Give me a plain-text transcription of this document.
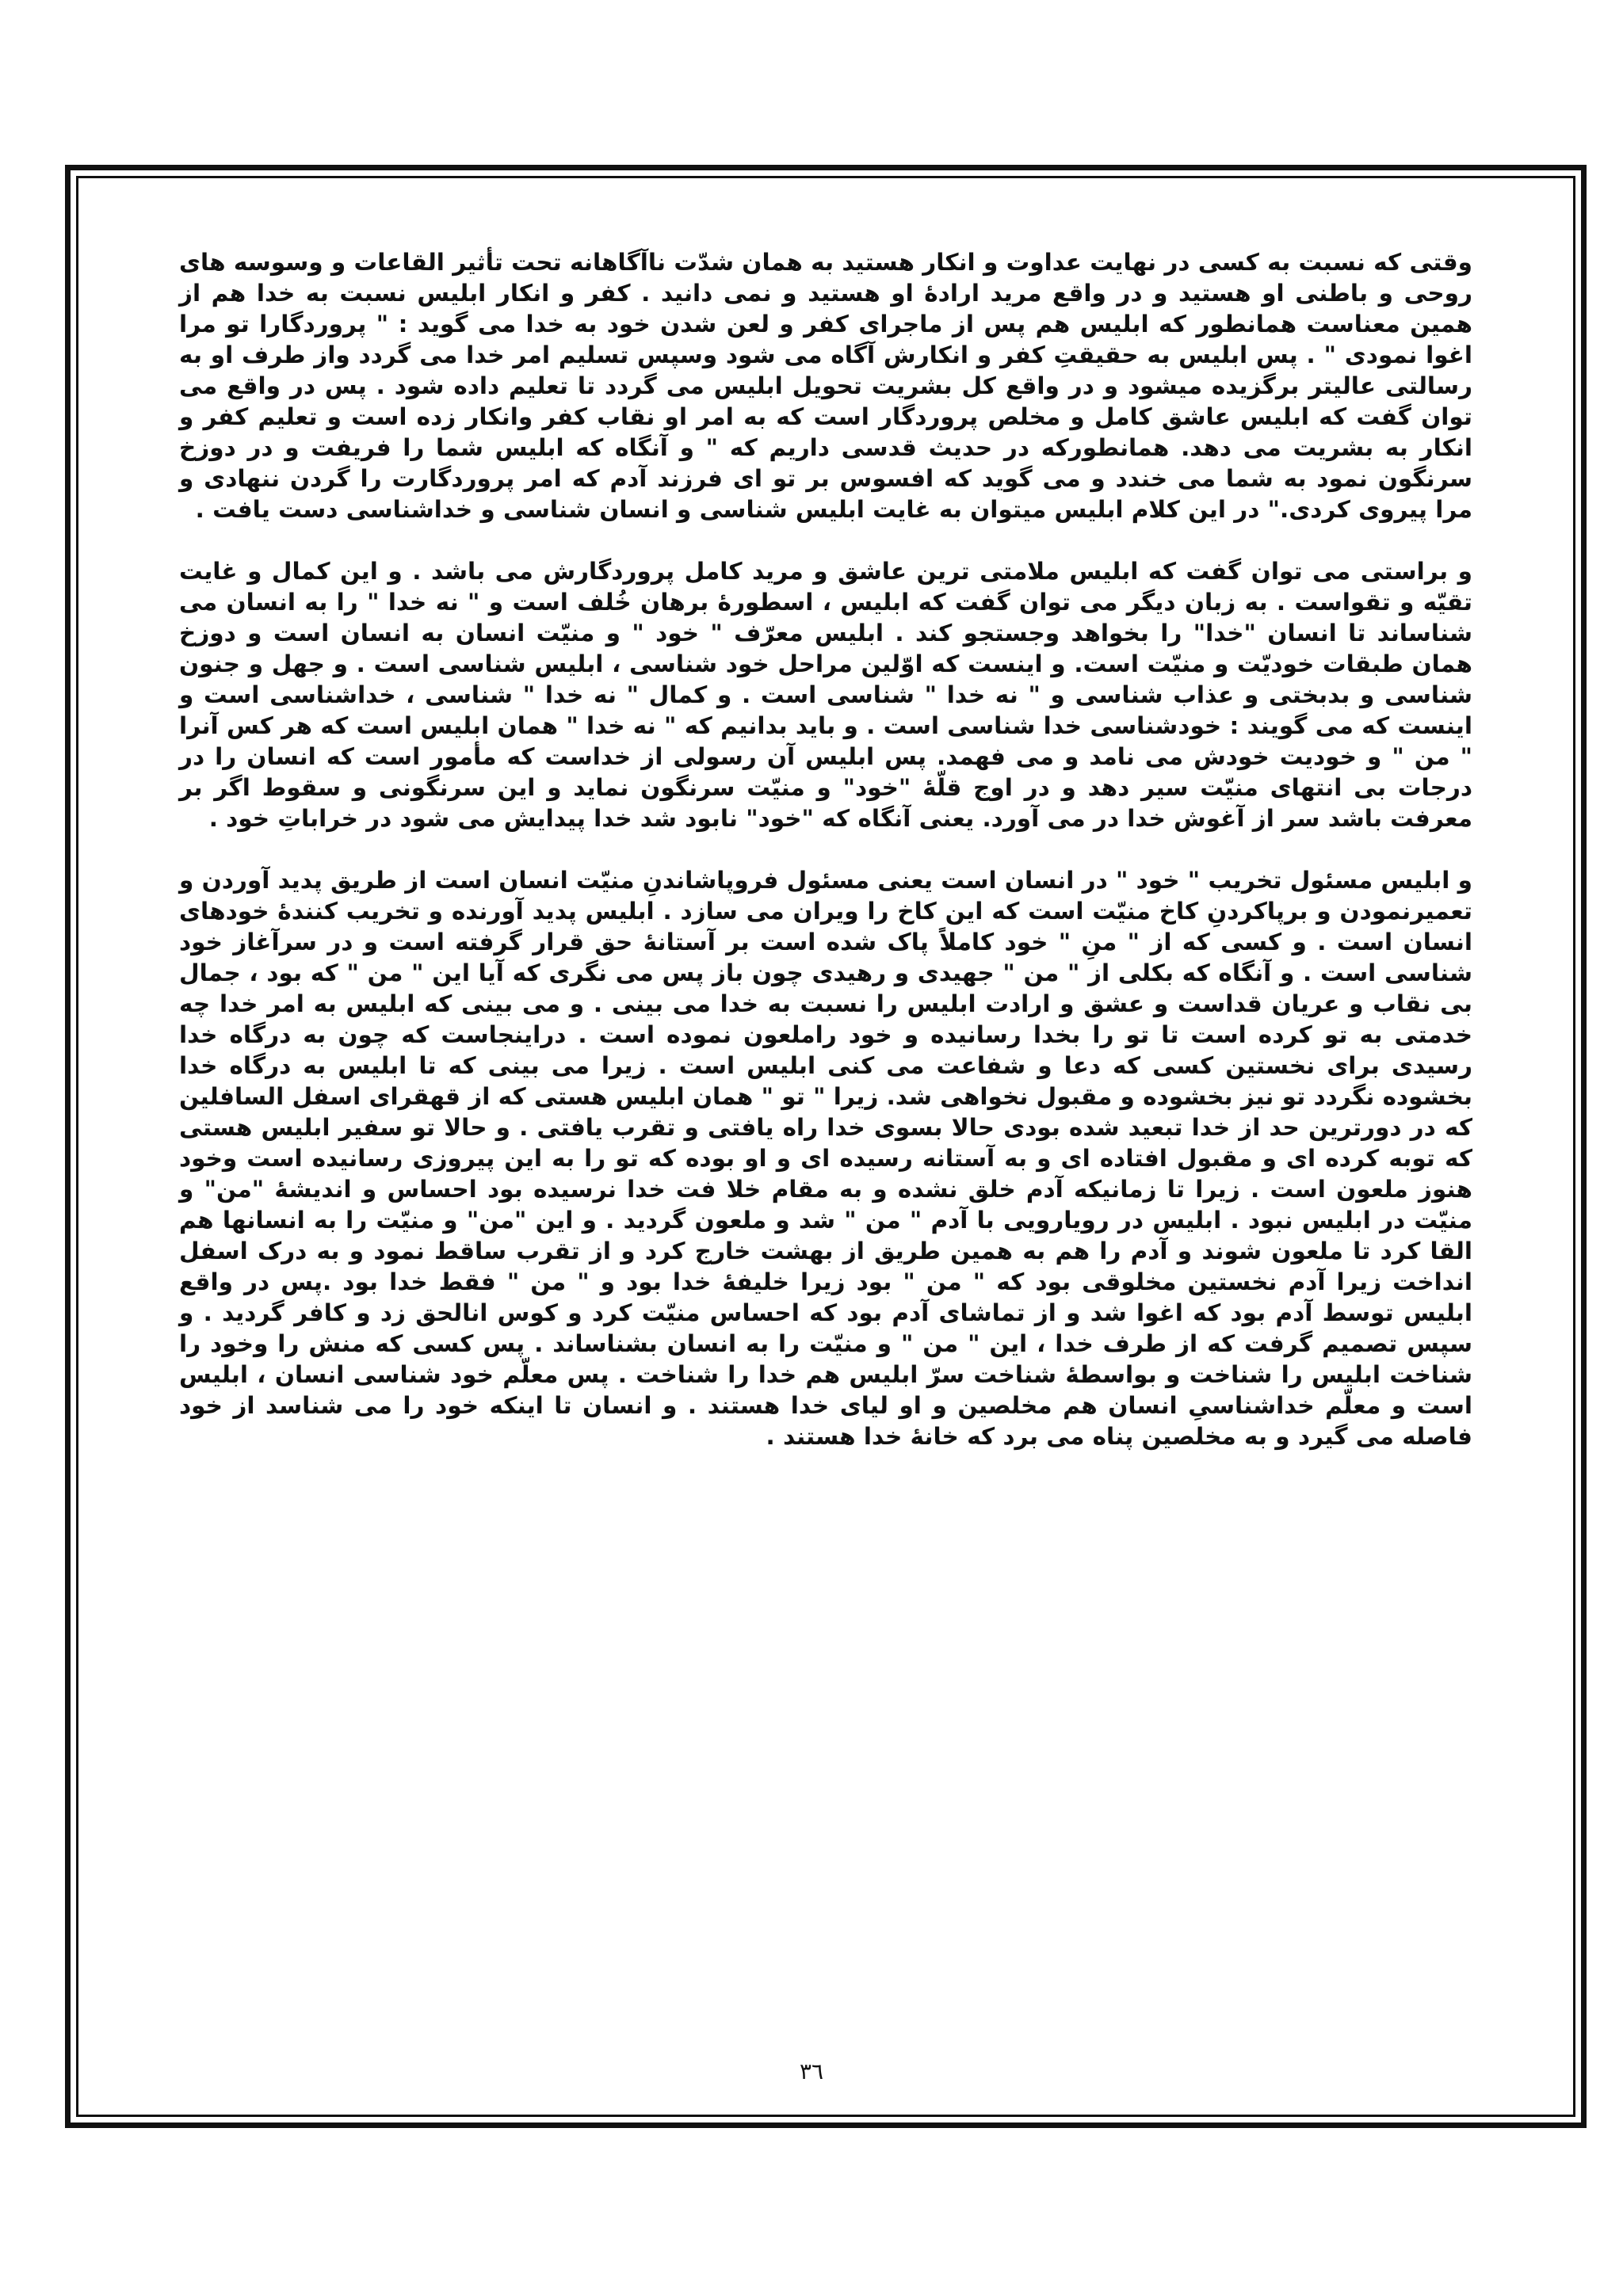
وقتی که نسبت به کسی در نهایت عداوت و انکار هستید به همان شدّت ناآگاهانه تحت تأثیر القاعات و وسوسه های روحی و باطنی او هستید و در واقع مرید ارادهٔ او هستید و نمی دانید . کفر و انکار ابلیس نسبت به خدا هم از همین معناست همانطور که ابلیس هم پس از ماجرای کفر و لعن شدن خود به خدا می گوید : " پروردگارا تو مرا اغوا نمودی " . پس ابلیس به حقیقتِ کفر و انکارش آگاه می شود وسپس تسلیم امر خدا می گردد واز طرف او به رسالتی عالیتر برگزیده میشود و در واقع کل بشریت تحویل ابلیس می گردد تا تعلیم داده شود . پس در واقع می توان گفت که ابلیس عاشق کامل و مخلص پروردگار است که به امر او نقاب کفر وانکار زده است و تعلیم کفر و انکار به بشریت می دهد. همانطورکه در حدیث قدسی داریم که " و آنگاه که ابلیس شما را فریفت و در دوزخ سرنگون نمود به شما می خندد و می گوید که افسوس بر تو ای فرزند آدم که امر پروردگارت را گردن ننهادی و مرا پیروی کردی." در این کلام ابلیس میتوان به غایت ابلیس شناسی و انسان شناسی و خداشناسی دست یافت .

و براستی می توان گفت که ابلیس ملامتی ترین عاشق و مرید کامل پروردگارش می باشد . و این کمال و غایت تقیّه و تقواست . به زبان دیگر می توان گفت که ابلیس ، اسطورهٔ برهان خُلف است و " نه خدا " را به انسان می شناساند تا انسان "خدا" را بخواهد وجستجو کند . ابلیس معرّف " خود " و منیّت انسان به انسان است و دوزخ همان طبقات خودیّت و منیّت است. و اینست که اوّلین مراحل خود شناسی ، ابلیس شناسی است . و جهل و جنون شناسی و بدبختی و عذاب شناسی و " نه خدا " شناسی است . و کمال " نه خدا " شناسی ، خداشناسی است و اینست که می گویند : خودشناسی خدا شناسی است . و باید بدانیم که " نه خدا " همان ابلیس است که هر کس آنرا " من " و خودیت خودش می نامد و می فهمد. پس ابلیس آن رسولی از خداست که مأمور است که انسان را در درجات بی انتهای منیّت سیر دهد و در اوج قلّهٔ "خود" و منیّت سرنگون نماید و این سرنگونی و سقوط اگر بر معرفت باشد سر از آغوش خدا در می آورد. یعنی آنگاه که "خود" نابود شد خدا پیدایش می شود در خراباتِ خود .

و ابلیس مسئول تخریب " خود " در انسان است یعنی مسئول فروپاشاندنِ منیّت انسان است از طریق پدید آوردن و تعمیرنمودن و برپاکردنِ کاخ منیّت است که این کاخ را ویران می سازد . ابلیس پدید آورنده و تخریب کنندهٔ خودهای انسان است . و کسی که از " منِ " خود کاملاً پاک شده است بر آستانهٔ حق قرار گرفته است و در سرآغاز خود شناسی است . و آنگاه که بکلی از " من " جهیدی و رهیدی چون باز پس می نگری که آیا این " من " که بود ، جمال بی نقاب و عریان قداست و عشق و ارادت ابلیس را نسبت به خدا می بینی . و می بینی که ابلیس به امر خدا چه خدمتی به تو کرده است تا تو را بخدا رسانیده و خود راملعون نموده است . دراینجاست که چون به درگاه خدا رسیدی برای نخستین کسی که دعا و شفاعت می کنی ابلیس است . زیرا می بینی که تا ابلیس به درگاه خدا بخشوده نگردد تو نیز بخشوده و مقبول نخواهی شد. زیرا " تو " همان ابلیس هستی که از قهقرای اسفل السافلین که در دورترین حد از خدا تبعید شده بودی حالا بسوی خدا راه یافتی و تقرب یافتی . و حالا تو سفیر ابلیس هستی که توبه کرده ای و مقبول افتاده ای و به آستانه رسیده ای و او بوده که تو را به این پیروزی رسانیده است وخود هنوز ملعون است . زیرا تا زمانیکه آدم خلق نشده و به مقام خلا فت خدا نرسیده بود احساس و اندیشهٔ "من" و منیّت در ابلیس نبود . ابلیس در رویارویی با آدم " من " شد و ملعون گردید . و این "من" و منیّت را به انسانها هم القا کرد تا ملعون شوند و آدم را هم به همین طریق از بهشت خارج کرد و از تقرب ساقط نمود و به درک اسفل انداخت زیرا آدم نخستین مخلوقی بود که " من " بود زیرا خلیفهٔ خدا بود و " من " فقط خدا بود .پس در واقع ابلیس توسط آدم بود که اغوا شد و از تماشای آدم بود که احساس منیّت کرد و کوس انالحق زد و کافر گردید . و سپس تصمیم گرفت که از طرف خدا ، این " من " و منیّت را به انسان بشناساند . پس کسی که منش را وخود را شناخت ابلیس را شناخت و بواسطهٔ شناخت سرّ ابلیس هم خدا را شناخت . پس معلّم خود شناسی انسان ، ابلیس است و معلّم خداشناسیِ انسان هم مخلصین و او لیای خدا هستند . و انسان تا اینکه خود را می شناسد از خود فاصله می گیرد و به مخلصین پناه می برد که خانهٔ خدا هستند .

٣٦
